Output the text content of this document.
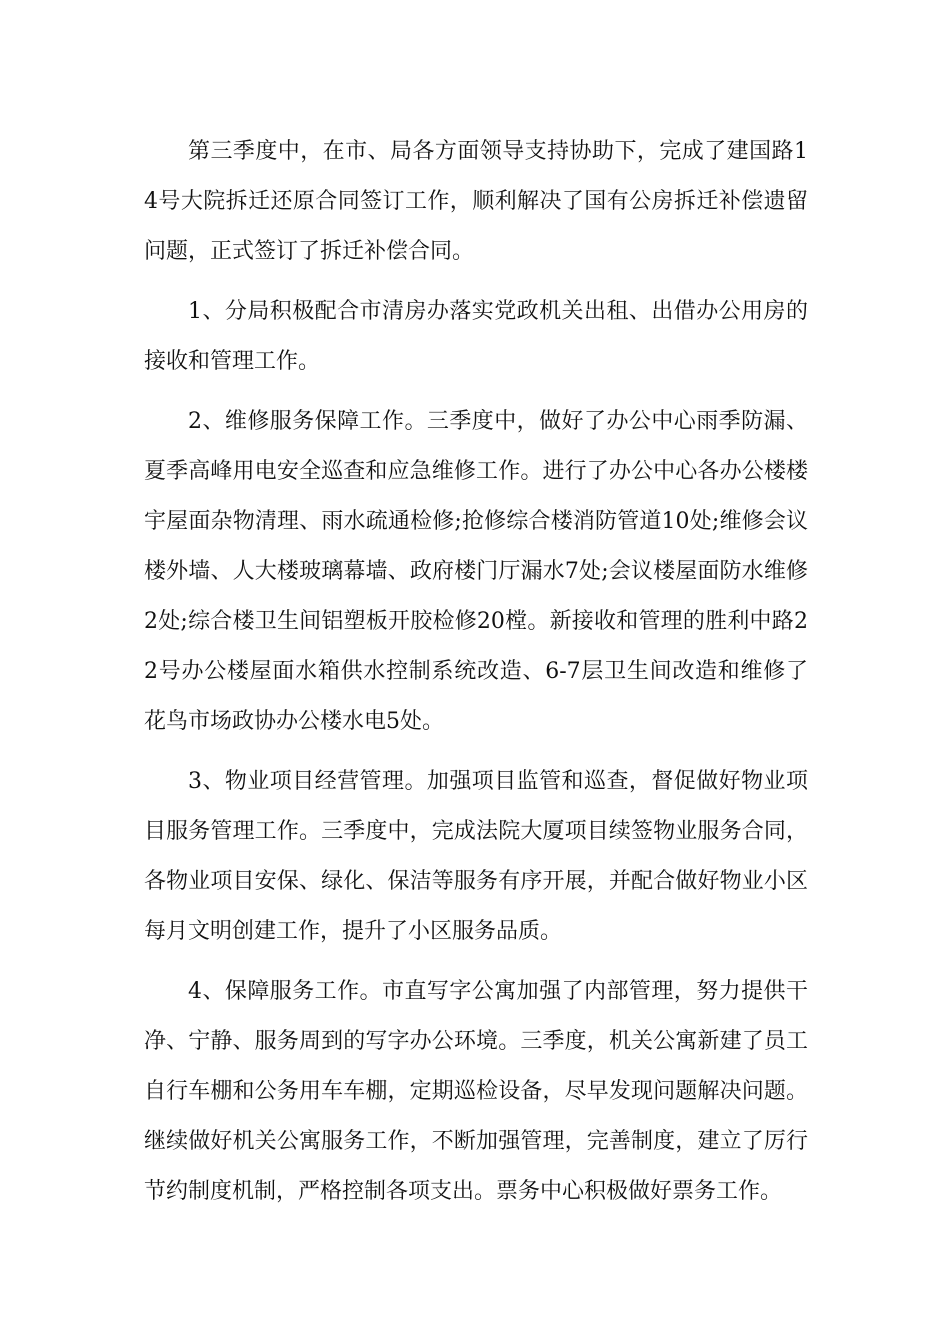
第三季度中，在市、局各方面领导支持协助下，完成了建国路14号大院拆迁还原合同签订工作，顺利解决了国有公房拆迁补偿遗留问题，正式签订了拆迁补偿合同。

1、分局积极配合市清房办落实党政机关出租、出借办公用房的接收和管理工作。

2、维修服务保障工作。三季度中，做好了办公中心雨季防漏、夏季高峰用电安全巡查和应急维修工作。进行了办公中心各办公楼楼宇屋面杂物清理、雨水疏通检修;抢修综合楼消防管道10处;维修会议楼外墙、人大楼玻璃幕墙、政府楼门厅漏水7处;会议楼屋面防水维修2处;综合楼卫生间铝塑板开胶检修20樘。新接收和管理的胜利中路22号办公楼屋面水箱供水控制系统改造、6-7层卫生间改造和维修了花鸟市场政协办公楼水电5处。

3、物业项目经营管理。加强项目监管和巡查，督促做好物业项目服务管理工作。三季度中，完成法院大厦项目续签物业服务合同，各物业项目安保、绿化、保洁等服务有序开展，并配合做好物业小区每月文明创建工作，提升了小区服务品质。

4、保障服务工作。市直写字公寓加强了内部管理，努力提供干净、宁静、服务周到的写字办公环境。三季度，机关公寓新建了员工自行车棚和公务用车车棚，定期巡检设备，尽早发现问题解决问题。继续做好机关公寓服务工作，不断加强管理，完善制度，建立了厉行节约制度机制，严格控制各项支出。票务中心积极做好票务工作。
